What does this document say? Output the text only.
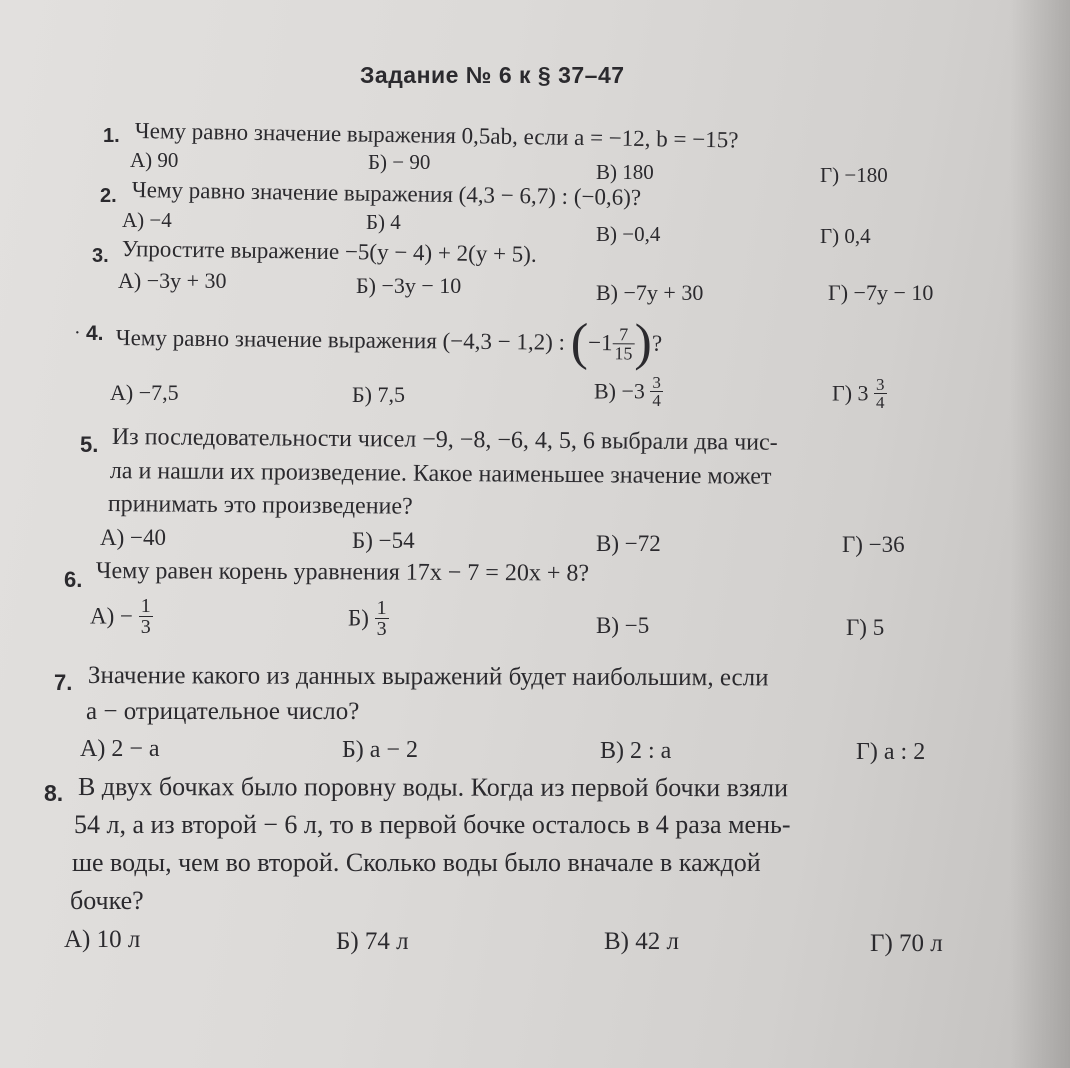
Задание № 6 к § 37–47
1. Чему равно значение выражения 0,5ab, если a = −12, b = −15?
А) 90	Б) − 90	В) 180	Г) −180
2. Чему равно значение выражения (4,3 − 6,7) : (−0,6)?
А) −4	Б) 4	В) −0,4	Г) 0,4
3. Упростите выражение −5(y − 4) + 2(y + 5).
А) −3y + 30	Б) −3y − 10	В) −7y + 30	Г) −7y − 10
· 4. Чему равно значение выражения (−4,3 − 1,2) : ($-1 \frac{7}{15}$ )?
А) −7,5	Б) 7,5	$В) -3 \frac{3}{4}$	Г) $3 \frac{3}{4}$
5. Из последовательности чисел −9, −8, −6, 4, 5, 6 выбрали два чис-
ла и нашли их произведение. Какое наименьшее значение может
принимать это произведение?
А) −40	Б) −54	В) −72	Г) −36
6. Чему равен корень уравнения 17x − 7 = 20x + 8?
$А) - \frac{1}{3}$	$Б) \frac{1}{3}$	В) −5	Г) 5
7. Значение какого из данных выражений будет наибольшим, если
a − отрицательное число?
А) 2 − a	Б) a − 2	В) 2 : a	Г) a : 2
8. В двух бочках было поровну воды. Когда из первой бочки взяли
54 л, а из второй − 6 л, то в первой бочке осталось в 4 раза мень-
ше воды, чем во второй. Сколько воды было вначале в каждой
бочке?
А) 10 л	Б) 74 л	В) 42 л	Г) 70 л
